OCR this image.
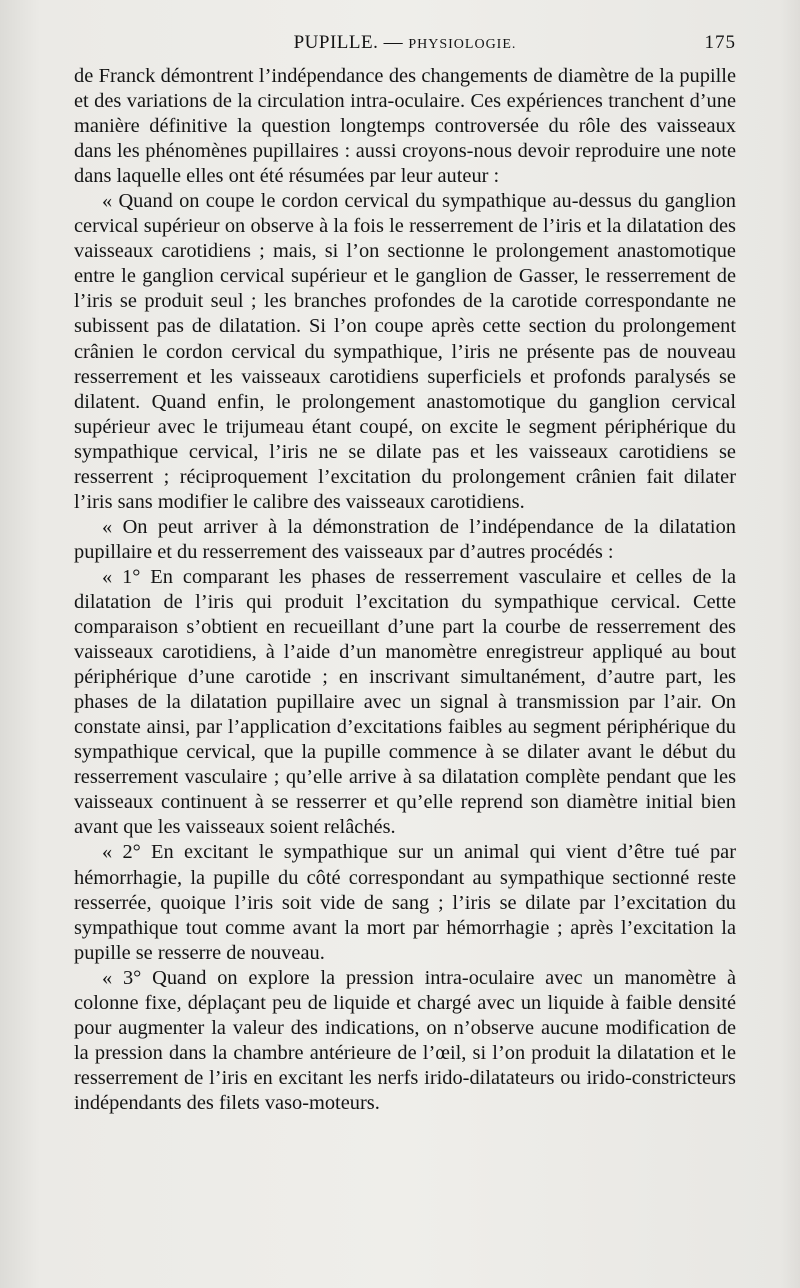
PUPILLE. — PHYSIOLOGIE.	175

de Franck démontrent l’indépendance des changements de diamètre de la pupille et des variations de la circulation intra-oculaire. Ces expériences tranchent d’une manière définitive la question longtemps controversée du rôle des vaisseaux dans les phénomènes pupillaires : aussi croyons-nous devoir reproduire une note dans laquelle elles ont été résumées par leur auteur :

« Quand on coupe le cordon cervical du sympathique au-dessus du ganglion cervical supérieur on observe à la fois le resserrement de l’iris et la dilatation des vaisseaux carotidiens ; mais, si l’on sectionne le prolongement anastomotique entre le ganglion cervical supérieur et le ganglion de Gasser, le resserrement de l’iris se produit seul ; les branches profondes de la carotide correspondante ne subissent pas de dilatation. Si l’on coupe après cette section du prolongement crânien le cordon cervical du sympathique, l’iris ne présente pas de nouveau resserrement et les vaisseaux carotidiens superficiels et profonds paralysés se dilatent. Quand enfin, le prolongement anastomotique du ganglion cervical supérieur avec le trijumeau étant coupé, on excite le segment périphérique du sympathique cervical, l’iris ne se dilate pas et les vaisseaux carotidiens se resserrent ; réciproquement l’excitation du prolongement crânien fait dilater l’iris sans modifier le calibre des vaisseaux carotidiens.

« On peut arriver à la démonstration de l’indépendance de la dilatation pupillaire et du resserrement des vaisseaux par d’autres procédés :

« 1° En comparant les phases de resserrement vasculaire et celles de la dilatation de l’iris qui produit l’excitation du sympathique cervical. Cette comparaison s’obtient en recueillant d’une part la courbe de resserrement des vaisseaux carotidiens, à l’aide d’un manomètre enregistreur appliqué au bout périphérique d’une carotide ; en inscrivant simultanément, d’autre part, les phases de la dilatation pupillaire avec un signal à transmission par l’air. On constate ainsi, par l’application d’excitations faibles au segment périphérique du sympathique cervical, que la pupille commence à se dilater avant le début du resserrement vasculaire ; qu’elle arrive à sa dilatation complète pendant que les vaisseaux continuent à se resserrer et qu’elle reprend son diamètre initial bien avant que les vaisseaux soient relâchés.

« 2° En excitant le sympathique sur un animal qui vient d’être tué par hémorrhagie, la pupille du côté correspondant au sympathique sectionné reste resserrée, quoique l’iris soit vide de sang ; l’iris se dilate par l’excitation du sympathique tout comme avant la mort par hémorrhagie ; après l’excitation la pupille se resserre de nouveau.

« 3° Quand on explore la pression intra-oculaire avec un manomètre à colonne fixe, déplaçant peu de liquide et chargé avec un liquide à faible densité pour augmenter la valeur des indications, on n’observe aucune modification de la pression dans la chambre antérieure de l’œil, si l’on produit la dilatation et le resserrement de l’iris en excitant les nerfs irido-dilatateurs ou irido-constricteurs indépendants des filets vaso-moteurs.
